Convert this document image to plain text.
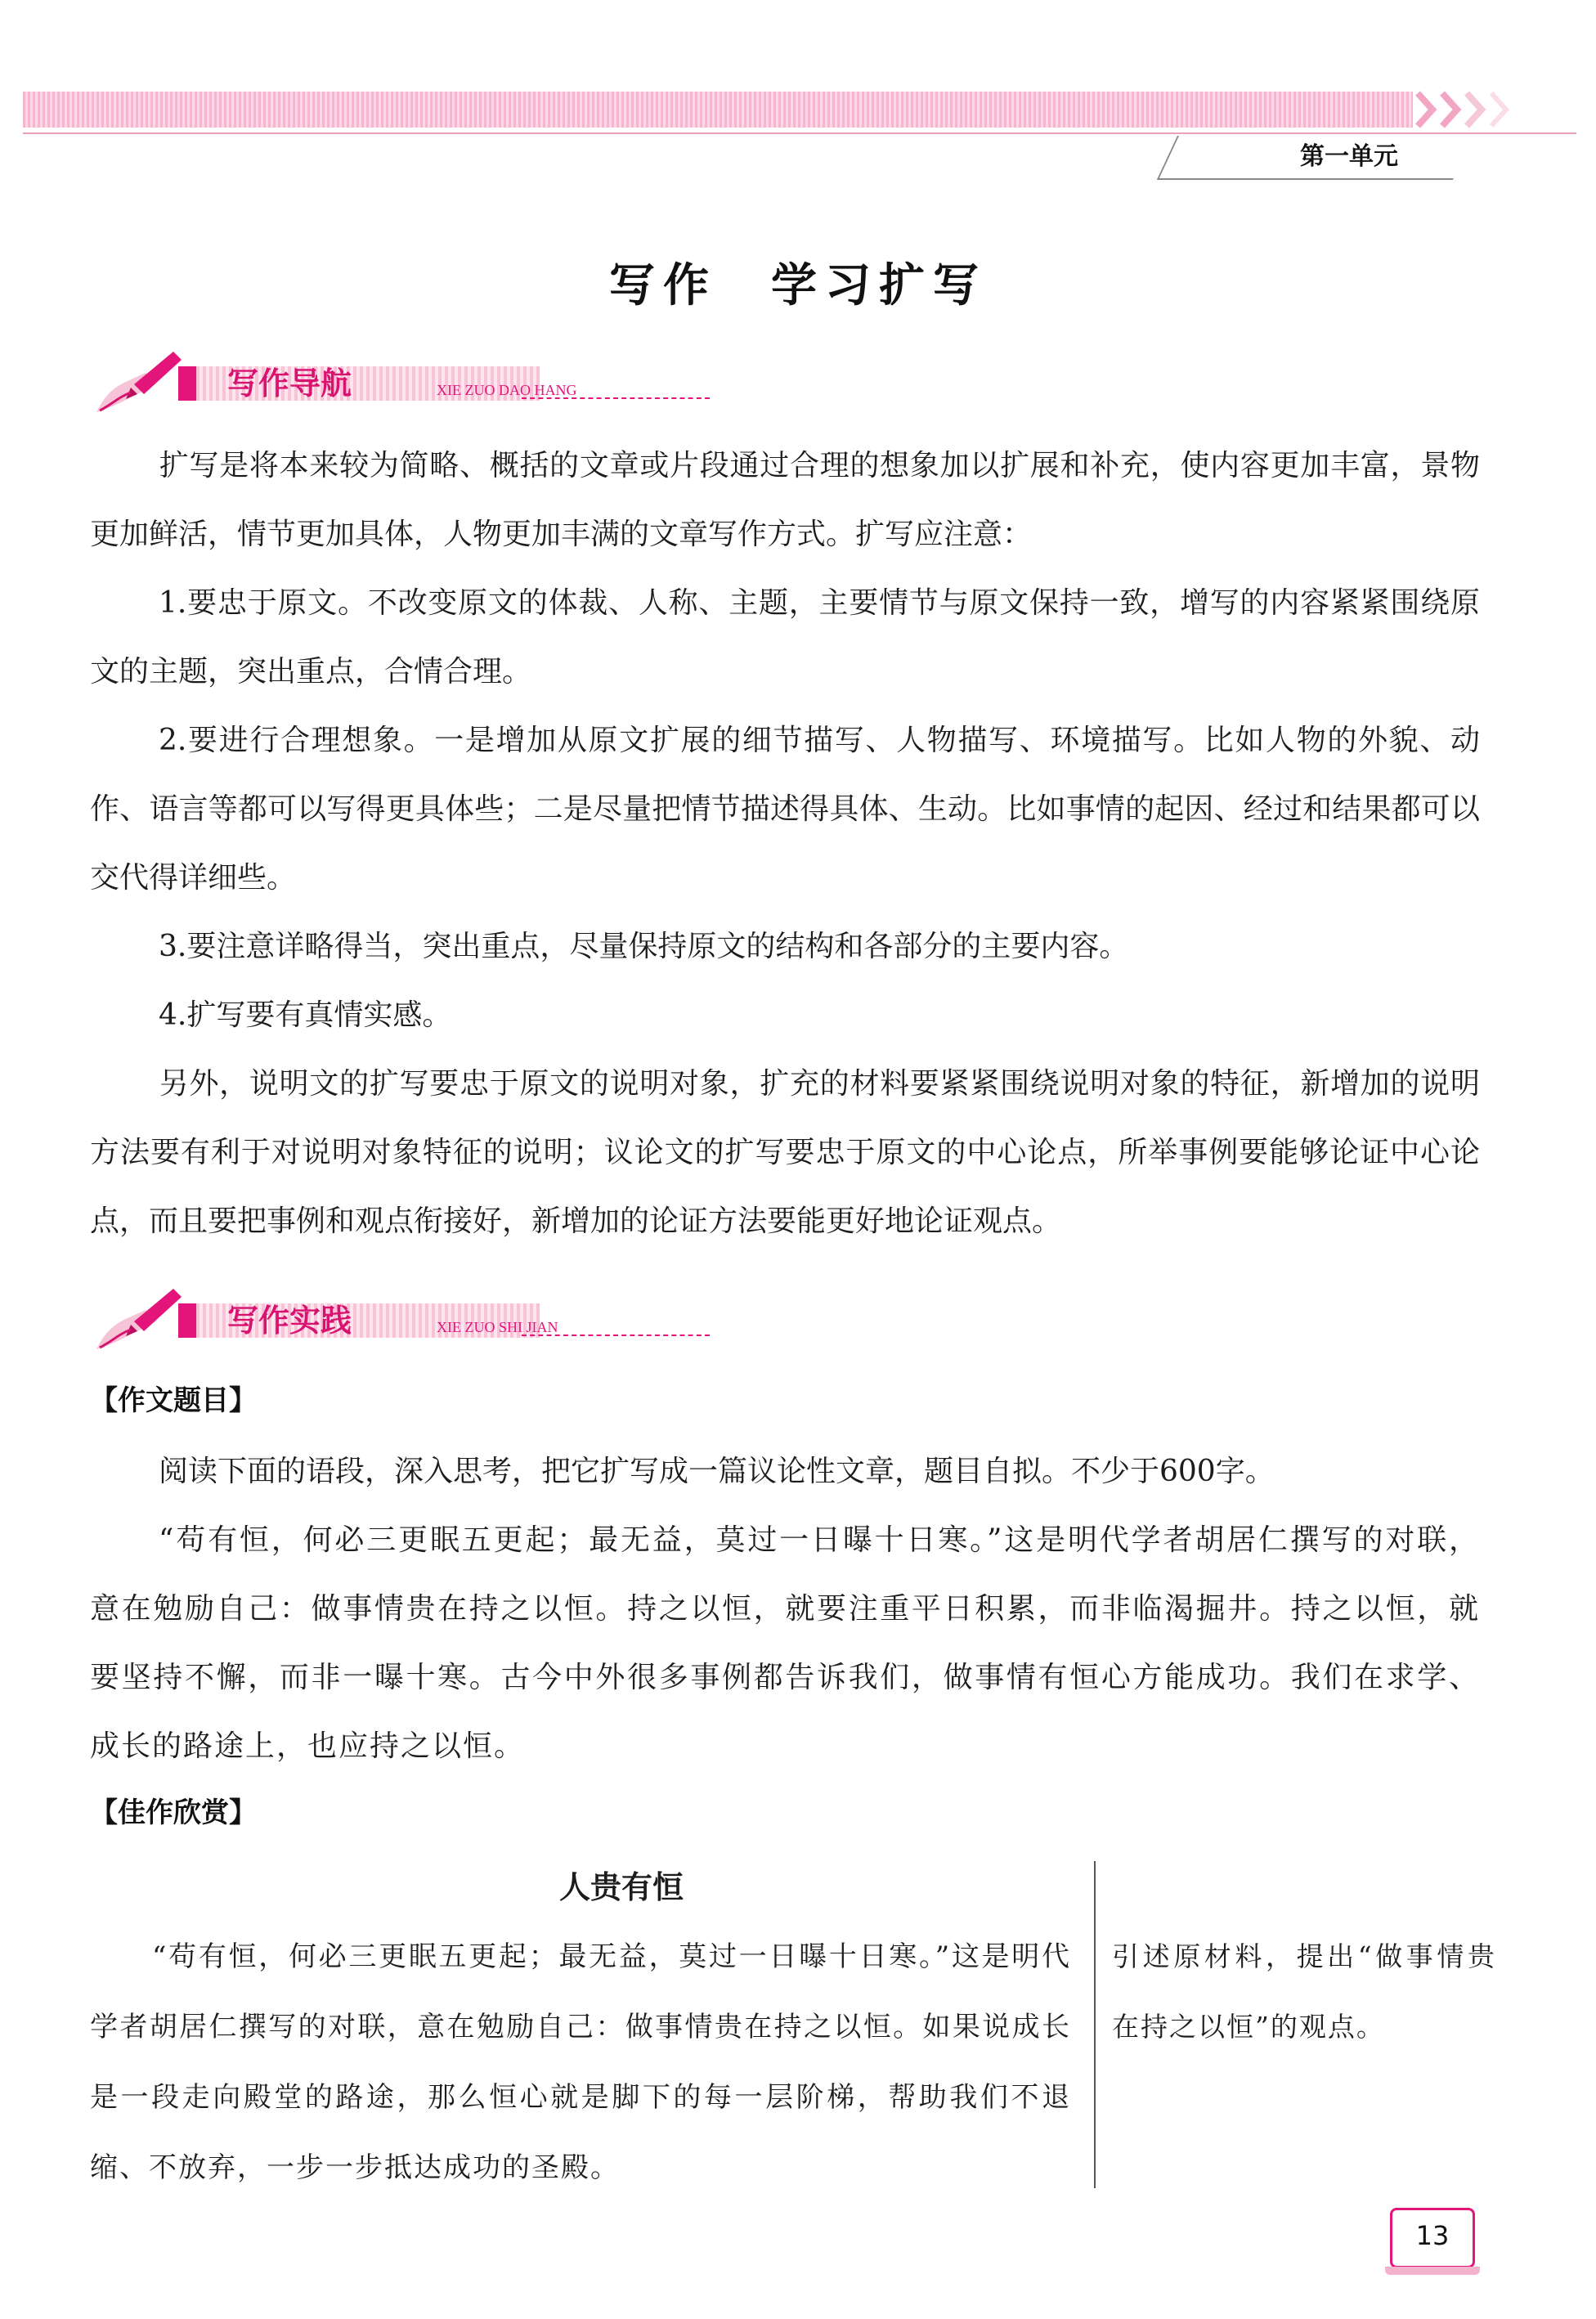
第一单元
写作　学习扩写
写作导航	XIE ZUO DAO HANG
扩写是将本来较为简略、概括的文章或片段通过合理的想象加以扩展和补充，使内容更加丰富，景物更加鲜活，情节更加具体，人物更加丰满的文章写作方式。扩写应注意：
1.要忠于原文。不改变原文的体裁、人称、主题，主要情节与原文保持一致，增写的内容紧紧围绕原文的主题，突出重点，合情合理。
2.要进行合理想象。一是增加从原文扩展的细节描写、人物描写、环境描写。比如人物的外貌、动作、语言等都可以写得更具体些；二是尽量把情节描述得具体、生动。比如事情的起因、经过和结果都可以交代得详细些。
3.要注意详略得当，突出重点，尽量保持原文的结构和各部分的主要内容。
4.扩写要有真情实感。
另外，说明文的扩写要忠于原文的说明对象，扩充的材料要紧紧围绕说明对象的特征，新增加的说明方法要有利于对说明对象特征的说明；议论文的扩写要忠于原文的中心论点，所举事例要能够论证中心论点，而且要把事例和观点衔接好，新增加的论证方法要能更好地论证观点。
写作实践	XIE ZUO SHI JIAN
【作文题目】
阅读下面的语段，深入思考，把它扩写成一篇议论性文章，题目自拟。不少于600字。
“苟有恒，何必三更眠五更起；最无益，莫过一日曝十日寒。”这是明代学者胡居仁撰写的对联，意在勉励自己：做事情贵在持之以恒。持之以恒，就要注重平日积累，而非临渴掘井。持之以恒，就要坚持不懈，而非一曝十寒。古今中外很多事例都告诉我们，做事情有恒心方能成功。我们在求学、成长的路途上，也应持之以恒。
【佳作欣赏】
人贵有恒
“苟有恒，何必三更眠五更起；最无益，莫过一日曝十日寒。”这是明代学者胡居仁撰写的对联，意在勉励自己：做事情贵在持之以恒。如果说成长是一段走向殿堂的路途，那么恒心就是脚下的每一层阶梯，帮助我们不退缩、不放弃，一步一步抵达成功的圣殿。
引述原材料，提出“做事情贵在持之以恒”的观点。
13
